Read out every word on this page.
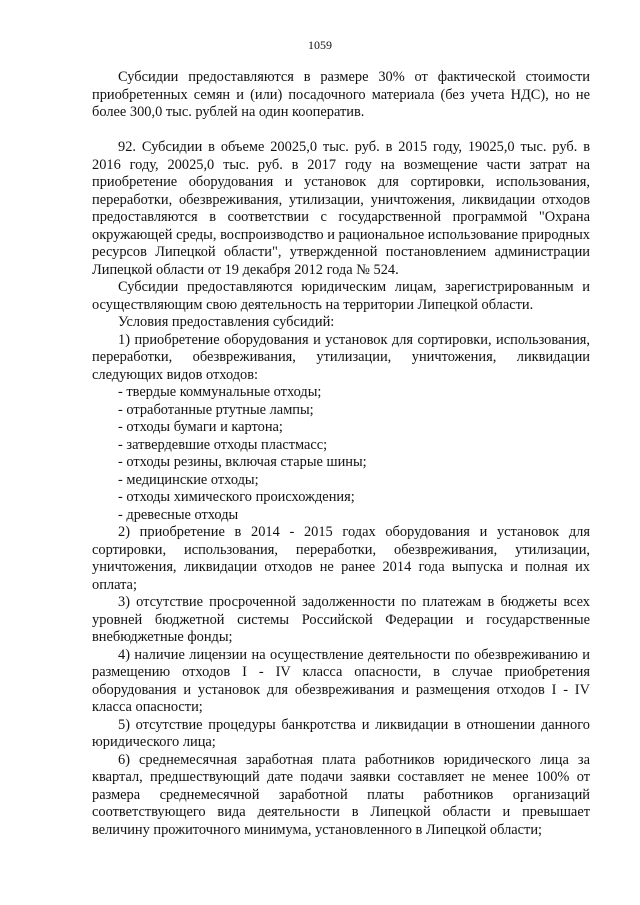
1059

Субсидии предоставляются в размере 30% от фактической стоимости приобретенных семян и (или) посадочного материала (без учета НДС), но не более 300,0 тыс. рублей на один кооператив.

92. Субсидии в объеме 20025,0 тыс. руб. в 2015 году, 19025,0 тыс. руб. в 2016 году, 20025,0 тыс. руб. в 2017 году на возмещение части затрат на приобретение оборудования и установок для сортировки, использования, переработки, обезвреживания, утилизации, уничтожения, ликвидации отходов предоставляются в соответствии с государственной программой "Охрана окружающей среды, воспроизводство и рациональное использование природных ресурсов Липецкой области", утвержденной постановлением администрации Липецкой области от 19 декабря 2012 года № 524.

Субсидии предоставляются юридическим лицам, зарегистрированным и осуществляющим свою деятельность на территории Липецкой области.

Условия предоставления субсидий:

1) приобретение оборудования и установок для сортировки, использования, переработки, обезвреживания, утилизации, уничтожения, ликвидации следующих видов отходов:

- твердые коммунальные отходы;
- отработанные ртутные лампы;
- отходы бумаги и картона;
- затвердевшие отходы пластмасс;
- отходы резины, включая старые шины;
- медицинские отходы;
- отходы химического происхождения;
- древесные отходы

2) приобретение в 2014 - 2015 годах оборудования и установок для сортировки, использования, переработки, обезвреживания, утилизации, уничтожения, ликвидации отходов не ранее 2014 года выпуска и полная их оплата;

3) отсутствие просроченной задолженности по платежам в бюджеты всех уровней бюджетной системы Российской Федерации и государственные внебюджетные фонды;

4) наличие лицензии на осуществление деятельности по обезвреживанию и размещению отходов I - IV класса опасности, в случае приобретения оборудования и установок для обезвреживания и размещения отходов I - IV класса опасности;

5) отсутствие процедуры банкротства и ликвидации в отношении данного юридического лица;

6) среднемесячная заработная плата работников юридического лица за квартал, предшествующий дате подачи заявки составляет не менее 100% от размера среднемесячной заработной платы работников организаций соответствующего вида деятельности в Липецкой области и превышает величину прожиточного минимума, установленного в Липецкой области;
